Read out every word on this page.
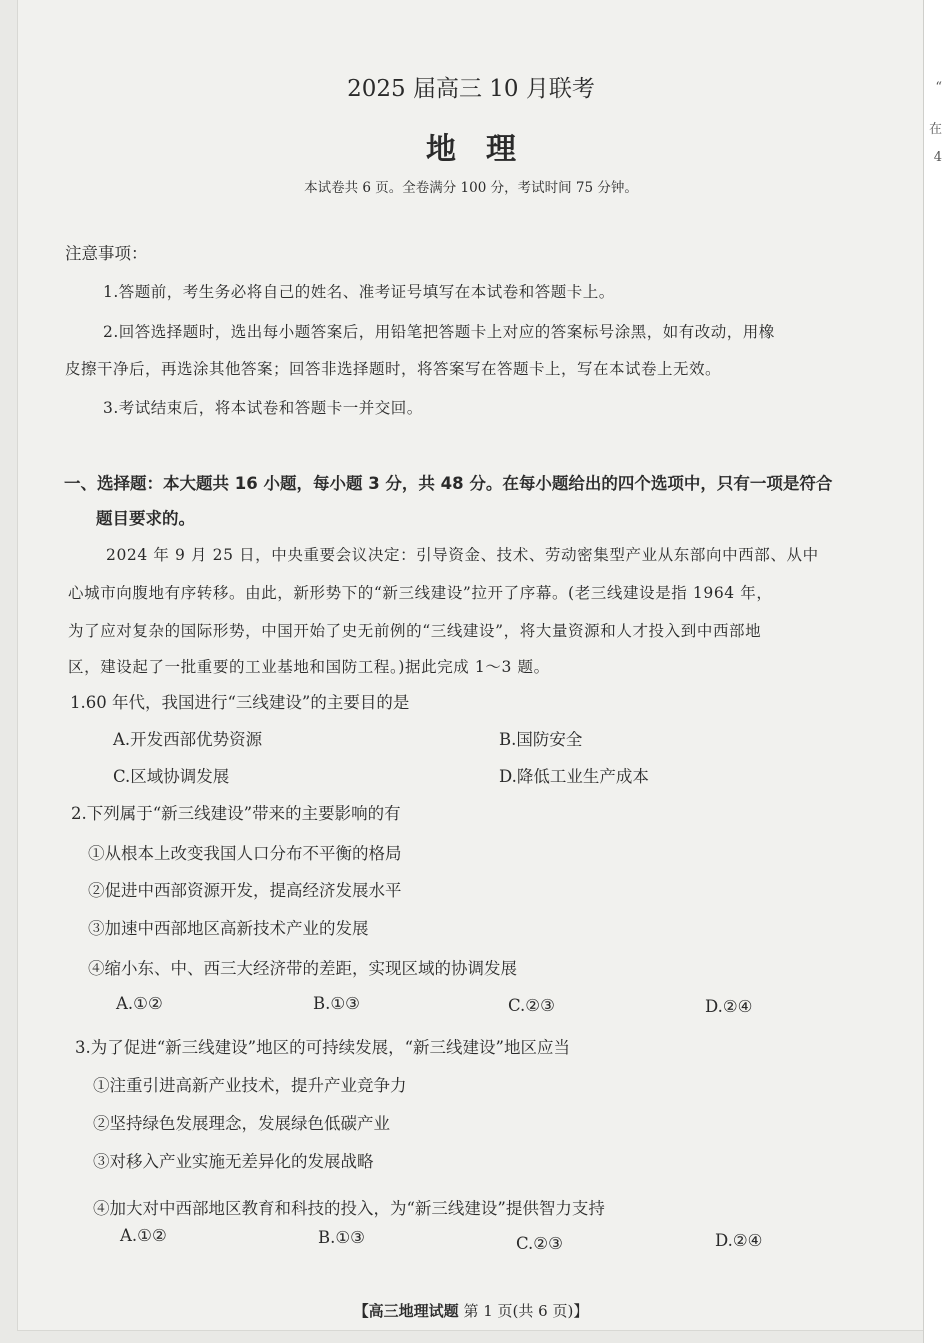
2025 届高三 10 月联考
地理
本试卷共 6 页。全卷满分 100 分，考试时间 75 分钟。
注意事项：
1.答题前，考生务必将自己的姓名、准考证号填写在本试卷和答题卡上。
2.回答选择题时，选出每小题答案后，用铅笔把答题卡上对应的答案标号涂黑，如有改动，用橡
皮擦干净后，再选涂其他答案；回答非选择题时，将答案写在答题卡上，写在本试卷上无效。
3.考试结束后，将本试卷和答题卡一并交回。
一、选择题：本大题共 16 小题，每小题 3 分，共 48 分。在每小题给出的四个选项中，只有一项是符合
题目要求的。
2024 年 9 月 25 日，中央重要会议决定：引导资金、技术、劳动密集型产业从东部向中西部、从中
心城市向腹地有序转移。由此，新形势下的“新三线建设”拉开了序幕。(老三线建设是指 1964 年，
为了应对复杂的国际形势，中国开始了史无前例的“三线建设”，将大量资源和人才投入到中西部地
区，建设起了一批重要的工业基地和国防工程。)据此完成 1～3 题。
1.60 年代，我国进行“三线建设”的主要目的是
A.开发西部优势资源	B.国防安全
C.区域协调发展	D.降低工业生产成本
2.下列属于“新三线建设”带来的主要影响的有
①从根本上改变我国人口分布不平衡的格局
②促进中西部资源开发，提高经济发展水平
③加速中西部地区高新技术产业的发展
④缩小东、中、西三大经济带的差距，实现区域的协调发展
A.①②	B.①③	C.②③	D.②④
3.为了促进“新三线建设”地区的可持续发展，“新三线建设”地区应当
①注重引进高新产业技术，提升产业竞争力
②坚持绿色发展理念，发展绿色低碳产业
③对移入产业实施无差异化的发展战略
④加大对中西部地区教育和科技的投入，为“新三线建设”提供智力支持
A.①②	B.①③	C.②③	D.②④
【高三地理试题 第 1 页(共 6 页)】
“
在
4
